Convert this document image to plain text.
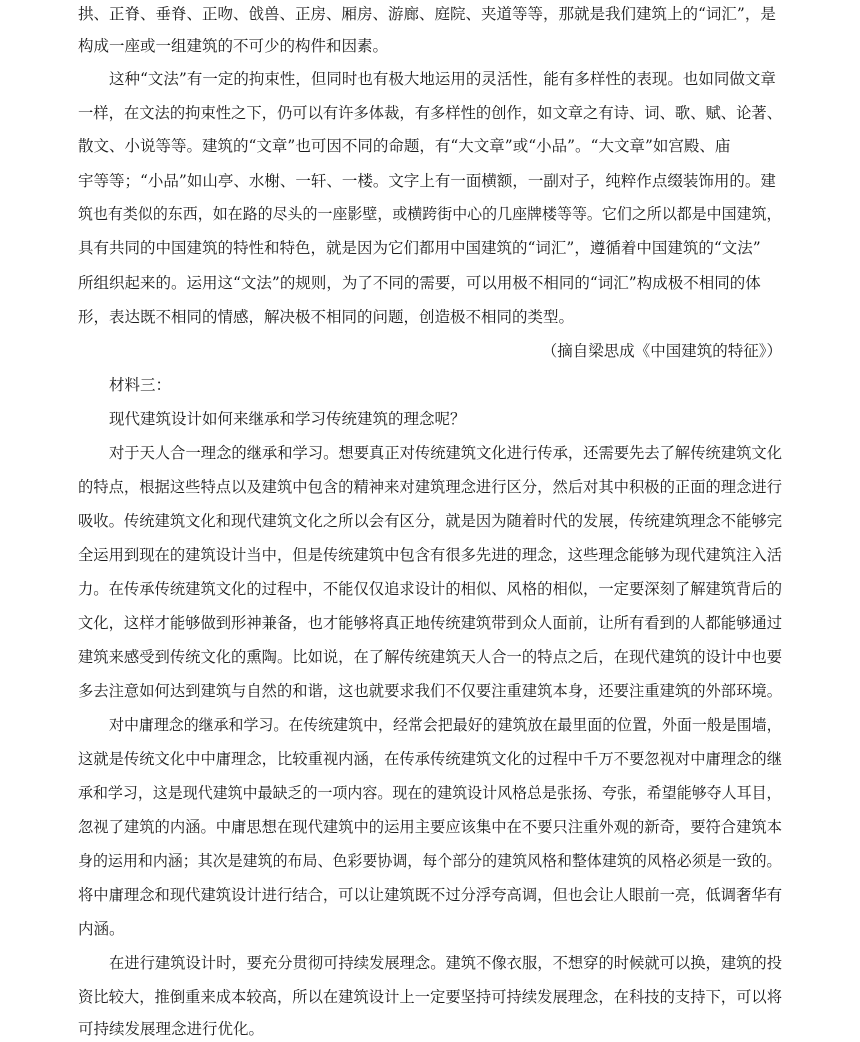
拱、正脊、垂脊、正吻、戗兽、正房、厢房、游廊、庭院、夹道等等，那就是我们建筑上的“词汇”，是
构成一座或一组建筑的不可少的构件和因素。
这种“文法”有一定的拘束性，但同时也有极大地运用的灵活性，能有多样性的表现。也如同做文章
一样，在文法的拘束性之下，仍可以有许多体裁，有多样性的创作，如文章之有诗、词、歌、赋、论著、
散文、小说等等。建筑的“文章”也可因不同的命题，有“大文章”或“小品”。“大文章”如宫殿、庙
宇等等；“小品”如山亭、水榭、一轩、一楼。文字上有一面横额，一副对子，纯粹作点缀装饰用的。建
筑也有类似的东西，如在路的尽头的一座影壁，或横跨街中心的几座牌楼等等。它们之所以都是中国建筑，
具有共同的中国建筑的特性和特色，就是因为它们都用中国建筑的“词汇”，遵循着中国建筑的“文法”
所组织起来的。运用这“文法”的规则，为了不同的需要，可以用极不相同的“词汇”构成极不相同的体
形，表达既不相同的情感，解决极不相同的问题，创造极不相同的类型。
（摘自梁思成《中国建筑的特征》）
材料三：
现代建筑设计如何来继承和学习传统建筑的理念呢？
对于天人合一理念的继承和学习。想要真正对传统建筑文化进行传承，还需要先去了解传统建筑文化
的特点，根据这些特点以及建筑中包含的精神来对建筑理念进行区分，然后对其中积极的正面的理念进行
吸收。传统建筑文化和现代建筑文化之所以会有区分，就是因为随着时代的发展，传统建筑理念不能够完
全运用到现在的建筑设计当中，但是传统建筑中包含有很多先进的理念，这些理念能够为现代建筑注入活
力。在传承传统建筑文化的过程中，不能仅仅追求设计的相似、风格的相似，一定要深刻了解建筑背后的
文化，这样才能够做到形神兼备，也才能够将真正地传统建筑带到众人面前，让所有看到的人都能够通过
建筑来感受到传统文化的熏陶。比如说，在了解传统建筑天人合一的特点之后，在现代建筑的设计中也要
多去注意如何达到建筑与自然的和谐，这也就要求我们不仅要注重建筑本身，还要注重建筑的外部环境。
对中庸理念的继承和学习。在传统建筑中，经常会把最好的建筑放在最里面的位置，外面一般是围墙，
这就是传统文化中中庸理念，比较重视内涵，在传承传统建筑文化的过程中千万不要忽视对中庸理念的继
承和学习，这是现代建筑中最缺乏的一项内容。现在的建筑设计风格总是张扬、夸张，希望能够夺人耳目，
忽视了建筑的内涵。中庸思想在现代建筑中的运用主要应该集中在不要只注重外观的新奇，要符合建筑本
身的运用和内涵；其次是建筑的布局、色彩要协调，每个部分的建筑风格和整体建筑的风格必须是一致的。
将中庸理念和现代建筑设计进行结合，可以让建筑既不过分浮夸高调，但也会让人眼前一亮，低调奢华有
内涵。
在进行建筑设计时，要充分贯彻可持续发展理念。建筑不像衣服，不想穿的时候就可以换，建筑的投
资比较大，推倒重来成本较高，所以在建筑设计上一定要坚持可持续发展理念，在科技的支持下，可以将
可持续发展理念进行优化。
